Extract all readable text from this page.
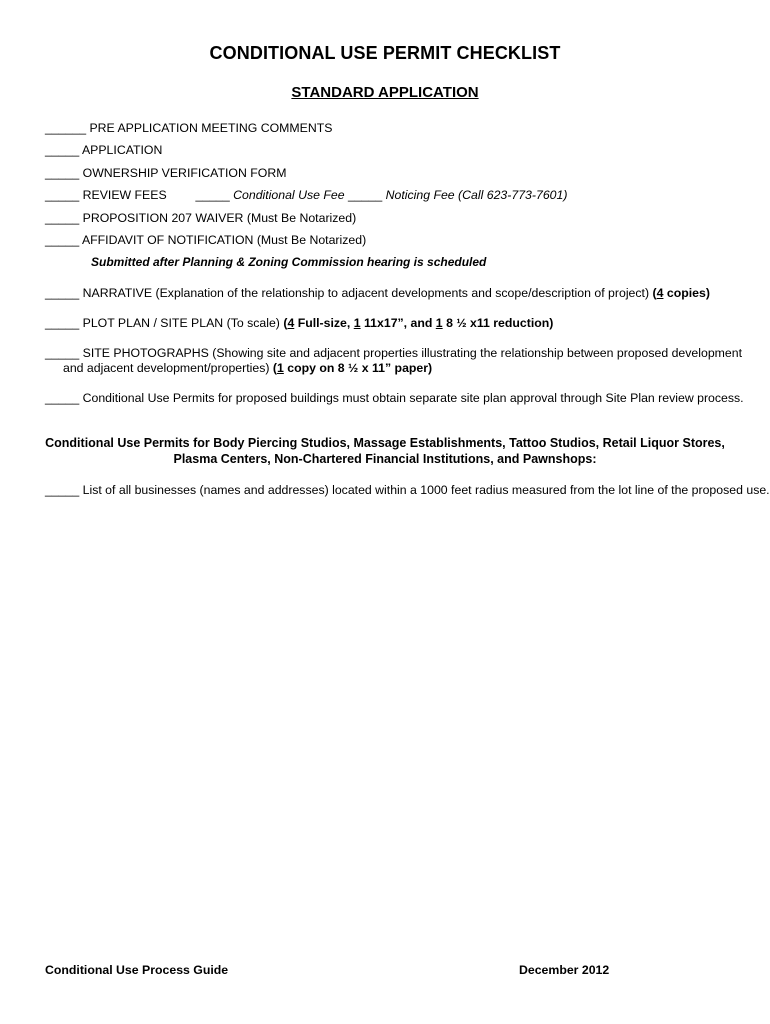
CONDITIONAL USE PERMIT CHECKLIST
STANDARD APPLICATION
______ PRE APPLICATION MEETING COMMENTS
_____ APPLICATION
_____ OWNERSHIP VERIFICATION FORM
_____ REVIEW FEES _____ Conditional Use Fee _____ Noticing Fee (Call 623-773-7601)
_____ PROPOSITION 207 WAIVER (Must Be Notarized)
_____ AFFIDAVIT OF NOTIFICATION (Must Be Notarized)
Submitted after Planning & Zoning Commission hearing is scheduled
_____ NARRATIVE (Explanation of the relationship to adjacent developments and scope/description of project) (4 copies)
_____ PLOT PLAN / SITE PLAN (To scale) (4 Full-size, 1 11x17”, and 1 8 ½ x11 reduction)
_____ SITE PHOTOGRAPHS (Showing site and adjacent properties illustrating the relationship between proposed development
and adjacent development/properties) (1 copy on 8 ½ x 11” paper)
_____ Conditional Use Permits for proposed buildings must obtain separate site plan approval through Site Plan review process.
Conditional Use Permits for Body Piercing Studios, Massage Establishments, Tattoo Studios, Retail Liquor Stores,
Plasma Centers, Non-Chartered Financial Institutions, and Pawnshops:
_____ List of all businesses (names and addresses) located within a 1000 feet radius measured from the lot line of the proposed use.
Conditional Use Process Guide	December 2012
